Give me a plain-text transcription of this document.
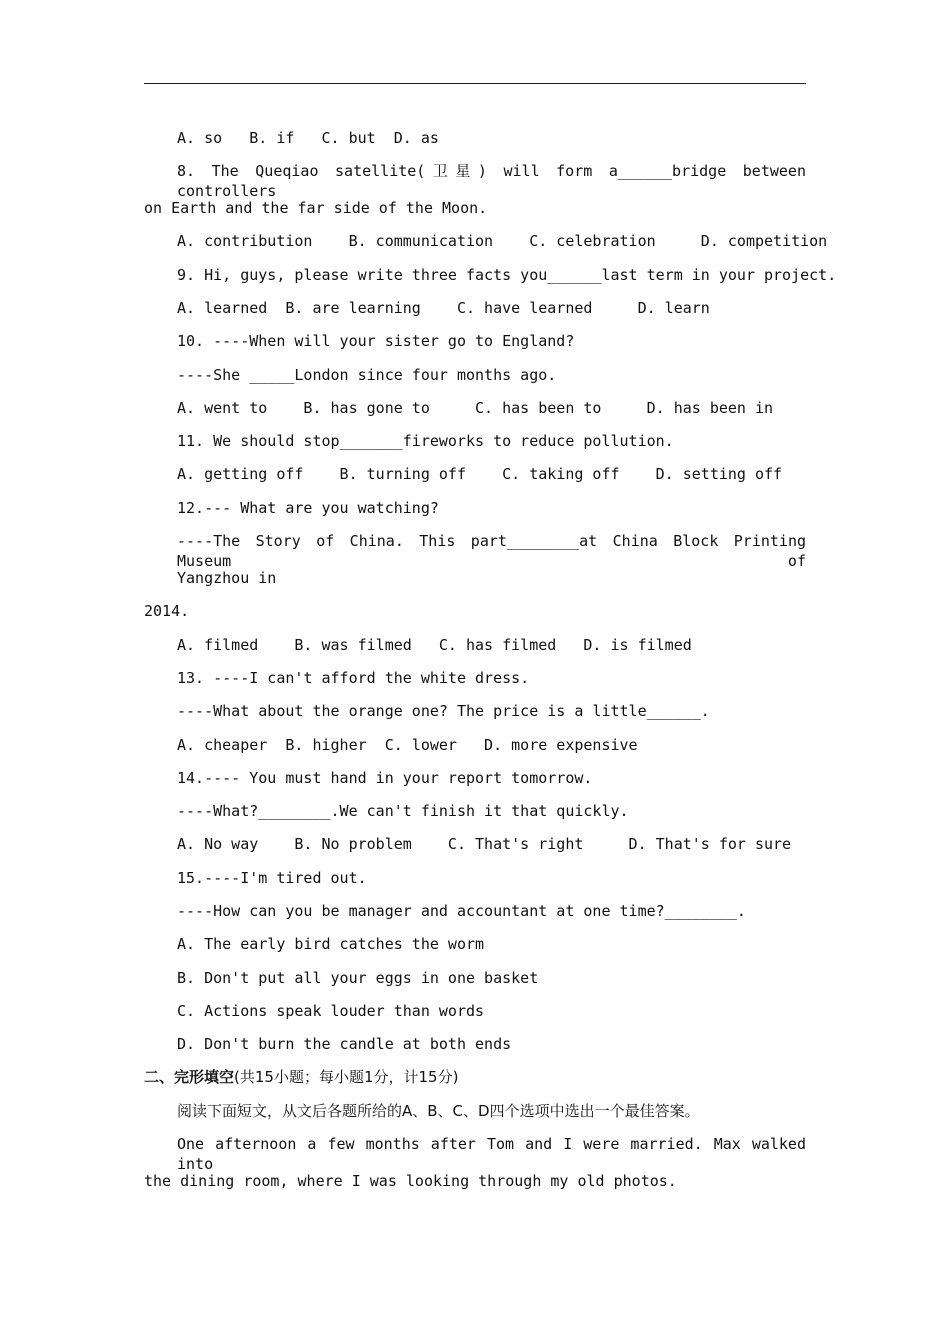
A. so   B. if   C. but  D. as
8. The Queqiao satellite(卫星) will form a______bridge between controllers
on Earth and the far side of the Moon.
A. contribution    B. communication    C. celebration     D. competition
9. Hi, guys, please write three facts you______last term in your project.
A. learned  B. are learning    C. have learned     D. learn
10. ----When will your sister go to England?
----She _____London since four months ago.
A. went to    B. has gone to     C. has been to     D. has been in
11. We should stop_______fireworks to reduce pollution.
A. getting off    B. turning off    C. taking off    D. setting off
12.--- What are you watching?
----The Story of China. This part________at China Block Printing Museum of
Yangzhou in
2014.
A. filmed    B. was filmed   C. has filmed   D. is filmed
13. ----I can't afford the white dress.
----What about the orange one? The price is a little______.
A. cheaper  B. higher  C. lower   D. more expensive
14.---- You must hand in your report tomorrow.
----What?________.We can't finish it that quickly.
A. No way    B. No problem    C. That's right     D. That's for sure
15.----I'm tired out.
----How can you be manager and accountant at one time?________.
A. The early bird catches the worm
B. Don't put all your eggs in one basket
C. Actions speak louder than words
D. Don't burn the candle at both ends
二、完形填空(共15小题；每小题1分，计15分)
阅读下面短文，从文后各题所给的A、B、C、D四个选项中选出一个最佳答案。
One afternoon a few months after Tom and I were married. Max walked into
the dining room, where I was looking through my old photos.
